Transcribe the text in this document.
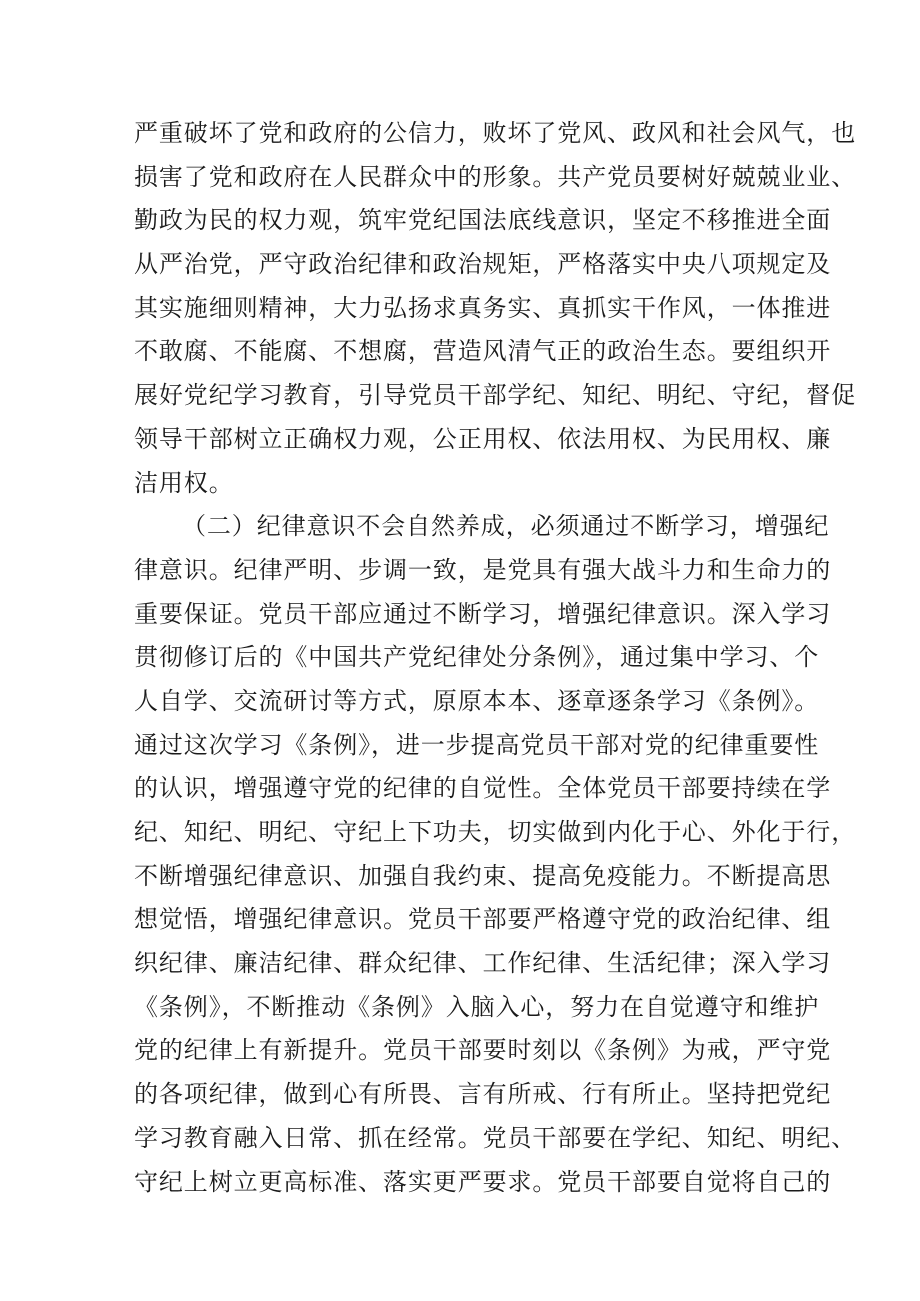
严重破坏了党和政府的公信力，败坏了党风、政风和社会风气，也
损害了党和政府在人民群众中的形象。共产党员要树好兢兢业业、
勤政为民的权力观，筑牢党纪国法底线意识，坚定不移推进全面
从严治党，严守政治纪律和政治规矩，严格落实中央八项规定及
其实施细则精神，大力弘扬求真务实、真抓实干作风，一体推进
不敢腐、不能腐、不想腐，营造风清气正的政治生态。要组织开
展好党纪学习教育，引导党员干部学纪、知纪、明纪、守纪，督促
领导干部树立正确权力观，公正用权、依法用权、为民用权、廉
洁用权。
（二）纪律意识不会自然养成，必须通过不断学习，增强纪
律意识。纪律严明、步调一致，是党具有强大战斗力和生命力的
重要保证。党员干部应通过不断学习，增强纪律意识。深入学习
贯彻修订后的《中国共产党纪律处分条例》，通过集中学习、个
人自学、交流研讨等方式，原原本本、逐章逐条学习《条例》。
通过这次学习《条例》，进一步提高党员干部对党的纪律重要性
的认识，增强遵守党的纪律的自觉性。全体党员干部要持续在学
纪、知纪、明纪、守纪上下功夫，切实做到内化于心、外化于行，
不断增强纪律意识、加强自我约束、提高免疫能力。不断提高思
想觉悟，增强纪律意识。党员干部要严格遵守党的政治纪律、组
织纪律、廉洁纪律、群众纪律、工作纪律、生活纪律；深入学习
《条例》，不断推动《条例》入脑入心，努力在自觉遵守和维护
党的纪律上有新提升。党员干部要时刻以《条例》为戒，严守党
的各项纪律，做到心有所畏、言有所戒、行有所止。坚持把党纪
学习教育融入日常、抓在经常。党员干部要在学纪、知纪、明纪、
守纪上树立更高标准、落实更严要求。党员干部要自觉将自己的
